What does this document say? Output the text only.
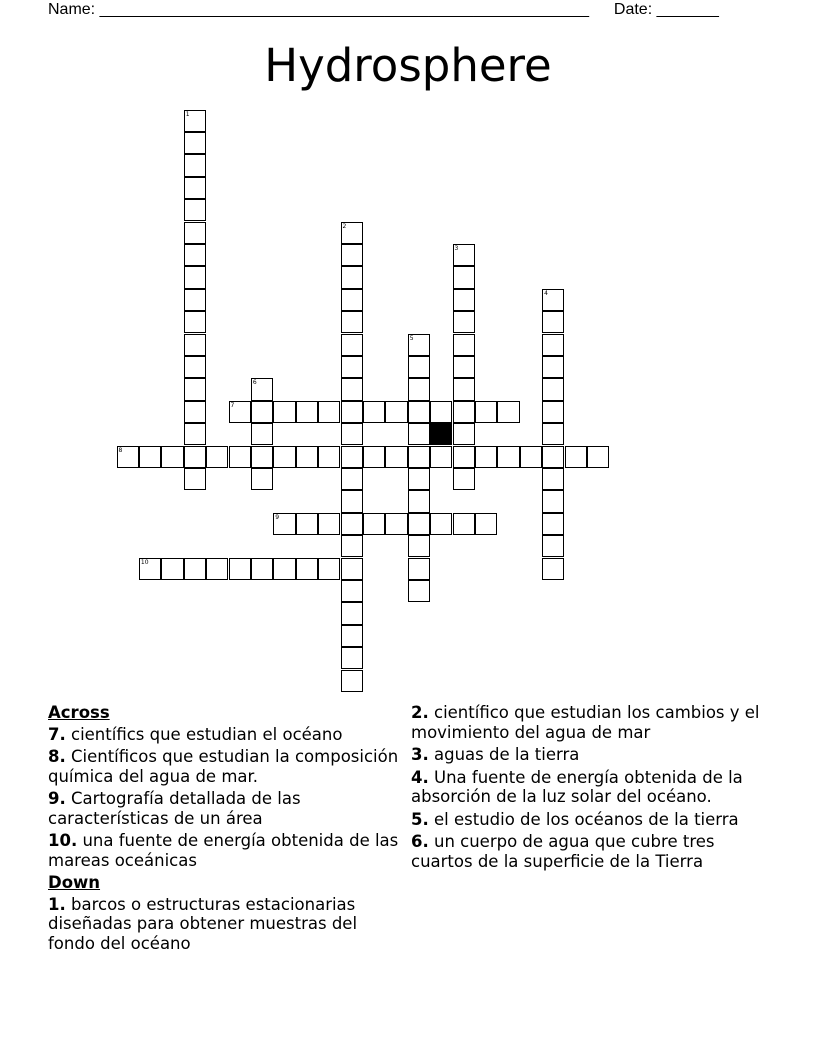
Name: _______________________________________________________ Date: _______
Hydrosphere
1
2
3
4
5
6
7
8
9
10
Across
7. científics que estudian el océano
8. Científicos que estudian la composición química del agua de mar.
9. Cartografía detallada de las características de un área
10. una fuente de energía obtenida de las mareas oceánicas
Down
1. barcos o estructuras estacionarias diseñadas para obtener muestras del fondo del océano
2. científico que estudian los cambios y el movimiento del agua de mar
3. aguas de la tierra
4. Una fuente de energía obtenida de la absorción de la luz solar del océano.
5. el estudio de los océanos de la tierra
6. un cuerpo de agua que cubre tres cuartos de la superficie de la Tierra
